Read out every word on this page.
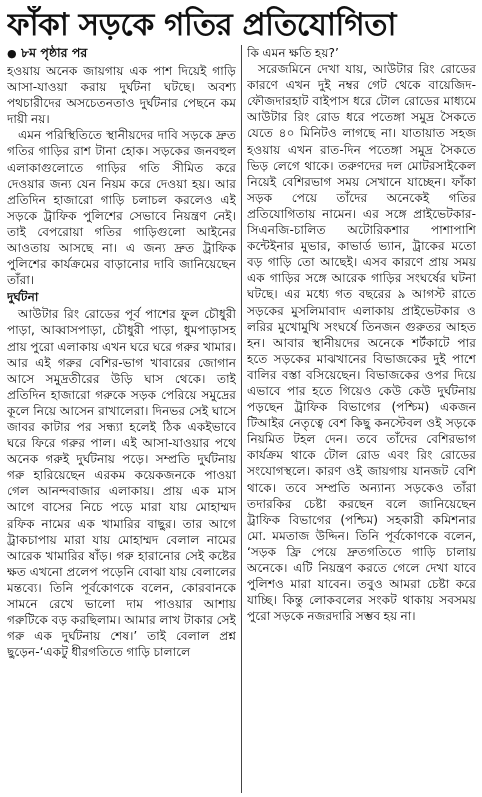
ফাঁকা সড়কে গতির প্রতিযোগিতা
● ৮ম পৃষ্ঠার পর

হওয়ায় অনেক জায়গায় এক পাশ দিয়েই গাড়ি আসা-যাওয়া করায় দুর্ঘটনা ঘটছে। অবশ্য পথচারীদের অসচেতনতাও দুর্ঘটনার পেছনে কম দায়ী নয়।

এমন পরিস্থিতিতে স্থানীয়দের দাবি সড়কে দ্রুত গতির গাড়ির রাশ টানা হোক। সড়কের জনবহুল এলাকাগুলোতে গাড়ির গতি সীমিত করে দেওয়ার জন্য যেন নিয়ম করে দেওয়া হয়। আর প্রতিদিন হাজারো গাড়ি চলাচল করলেও এই সড়কে ট্রাফিক পুলিশের সেভাবে নিয়ন্ত্রণ নেই। তাই বেপরোয়া গতির গাড়িগুলো আইনের আওতায় আসছে না। এ জন্য দ্রুত ট্রাফিক পুলিশের কার্যক্রমের বাড়ানোর দাবি জানিয়েছেন তাঁরা।

দুর্ঘটনা

আউটার রিং রোডের পূর্ব পাশের ফুল চৌধুরী পাড়া, আব্বাসপাড়া, চৌধুরী পাড়া, ধুমপাড়াসহ প্রায় পুরো এলাকায় এখন ঘরে ঘরে গরুর খামার। আর এই গরুর বেশির-ভাগ খাবারের জোগান আসে সমুদ্রতীরের উড়ি ঘাস থেকে। তাই প্রতিদিন হাজারো গরুকে সড়ক পেরিয়ে সমুদ্রের কূলে নিয়ে আসেন রাখালেরা। দিনভর সেই ঘাসে জাবর কাটার পর সন্ধ্যা হলেই ঠিক একইভাবে ঘরে ফিরে গরুর পাল। এই আসা-যাওয়ার পথে অনেক গরুই দুর্ঘটনায় পড়ে। সম্প্রতি দুর্ঘটনায় গরু হারিয়েছেন এরকম কয়েকজনকে পাওয়া গেল আনন্দবাজার এলাকায়। প্রায় এক মাস আগে বাসের নিচে পড়ে মারা যায় মোহাম্মদ রফিক নামের এক খামারির বাছুর। তার আগে ট্রাকচাপায় মারা যায় মোহাম্মদ বেলাল নামের আরেক খামারির ষাঁড়। গরু হারানোর সেই কষ্টের ক্ষত এখনো প্রলেপ পড়েনি বোঝা যায় বেলালের মন্তব্যে। তিনি পূর্বকোণকে বলেন, কোরবানকে সামনে রেখে ভালো দাম পাওয়ার আশায় গরুটিকে বড় করছিলাম। আমার লাখ টাকার সেই গরু এক দুর্ঘটনায় শেষ।’ তাই বেলাল প্রশ্ন ছুড়েন-‘একটু ধীরগতিতে গাড়ি চালালে

কি এমন ক্ষতি হয়?’

সরেজমিনে দেখা যায়, আউটার রিং রোডের কারণে এখন দুই নম্বর গেট থেকে বায়েজিদ-ফৌজদারহাট বাইপাস ধরে টোল রোডের মাধ্যমে আউটার রিং রোড ধরে পতেঙ্গা সমুদ্র সৈকতে যেতে ৪০ মিনিটও লাগছে না। যাতায়াত সহজ হওয়ায় এখন রাত-দিন পতেঙ্গা সমুদ্র সৈকতে ভিড় লেগে থাকে। তরুণদের দল মোটরসাইকেল নিয়েই বেশিরভাগ সময় সেখানে যাচ্ছেন। ফাঁকা সড়ক পেয়ে তাঁদের অনেকেই গতির প্রতিযোগিতায় নামেন। এর সঙ্গে প্রাইভেটকার-সিএনজি-চালিত অটোরিকশার পাশাপাশি কন্টেইনার মুভার, কাভার্ড ভ্যান, ট্রাকের মতো বড় গাড়ি তো আছেই। এসব কারণে প্রায় সময় এক গাড়ির সঙ্গে আরেক গাড়ির সংঘর্ষের ঘটনা ঘটছে। এর মধ্যে গত বছরের ৯ আগস্ট রাতে সড়কের মুসলিমাবাদ এলাকায় প্রাইভেটকার ও লরির মুখোমুখি সংঘর্ষে তিনজন গুরুতর আহত হন। আবার স্থানীয়দের অনেকে শর্টকাটে পার হতে সড়কের মাঝখানের বিভাজকের দুই পাশে বালির বস্তা বসিয়েছেন। বিভাজকের ওপর দিয়ে এভাবে পার হতে গিয়েও কেউ কেউ দুর্ঘটনায় পড়ছেন ট্রাফিক বিভাগের (পশ্চিম) একজন টিআইর নেতৃত্বে বেশ কিছু কনস্টেবল ওই সড়কে নিয়মিত টহল দেন। তবে তাঁদের বেশিরভাগ কার্যক্রম থাকে টোল রোড এবং রিং রোডের সংযোগস্থলে। কারণ ওই জায়গায় যানজট বেশি থাকে। তবে সম্প্রতি অন্যান্য সড়কেও তাঁরা তদারকির চেষ্টা করছেন বলে জানিয়েছেন ট্রাফিক বিভাগের (পশ্চিম) সহকারী কমিশনার মো. মমতাজ উদ্দিন। তিনি পূর্বকোণকে বলেন, ‘সড়ক ফ্রি পেয়ে দ্রুতগতিতে গাড়ি চালায় অনেকে। এটি নিয়ন্ত্রণ করতে গেলে দেখা যাবে পুলিশও মারা যাবেন। তবুও আমরা চেষ্টা করে যাচ্ছি। কিন্তু লোকবলের সংকট থাকায় সবসময় পুরো সড়কে নজরদারি সম্ভব হয় না।
